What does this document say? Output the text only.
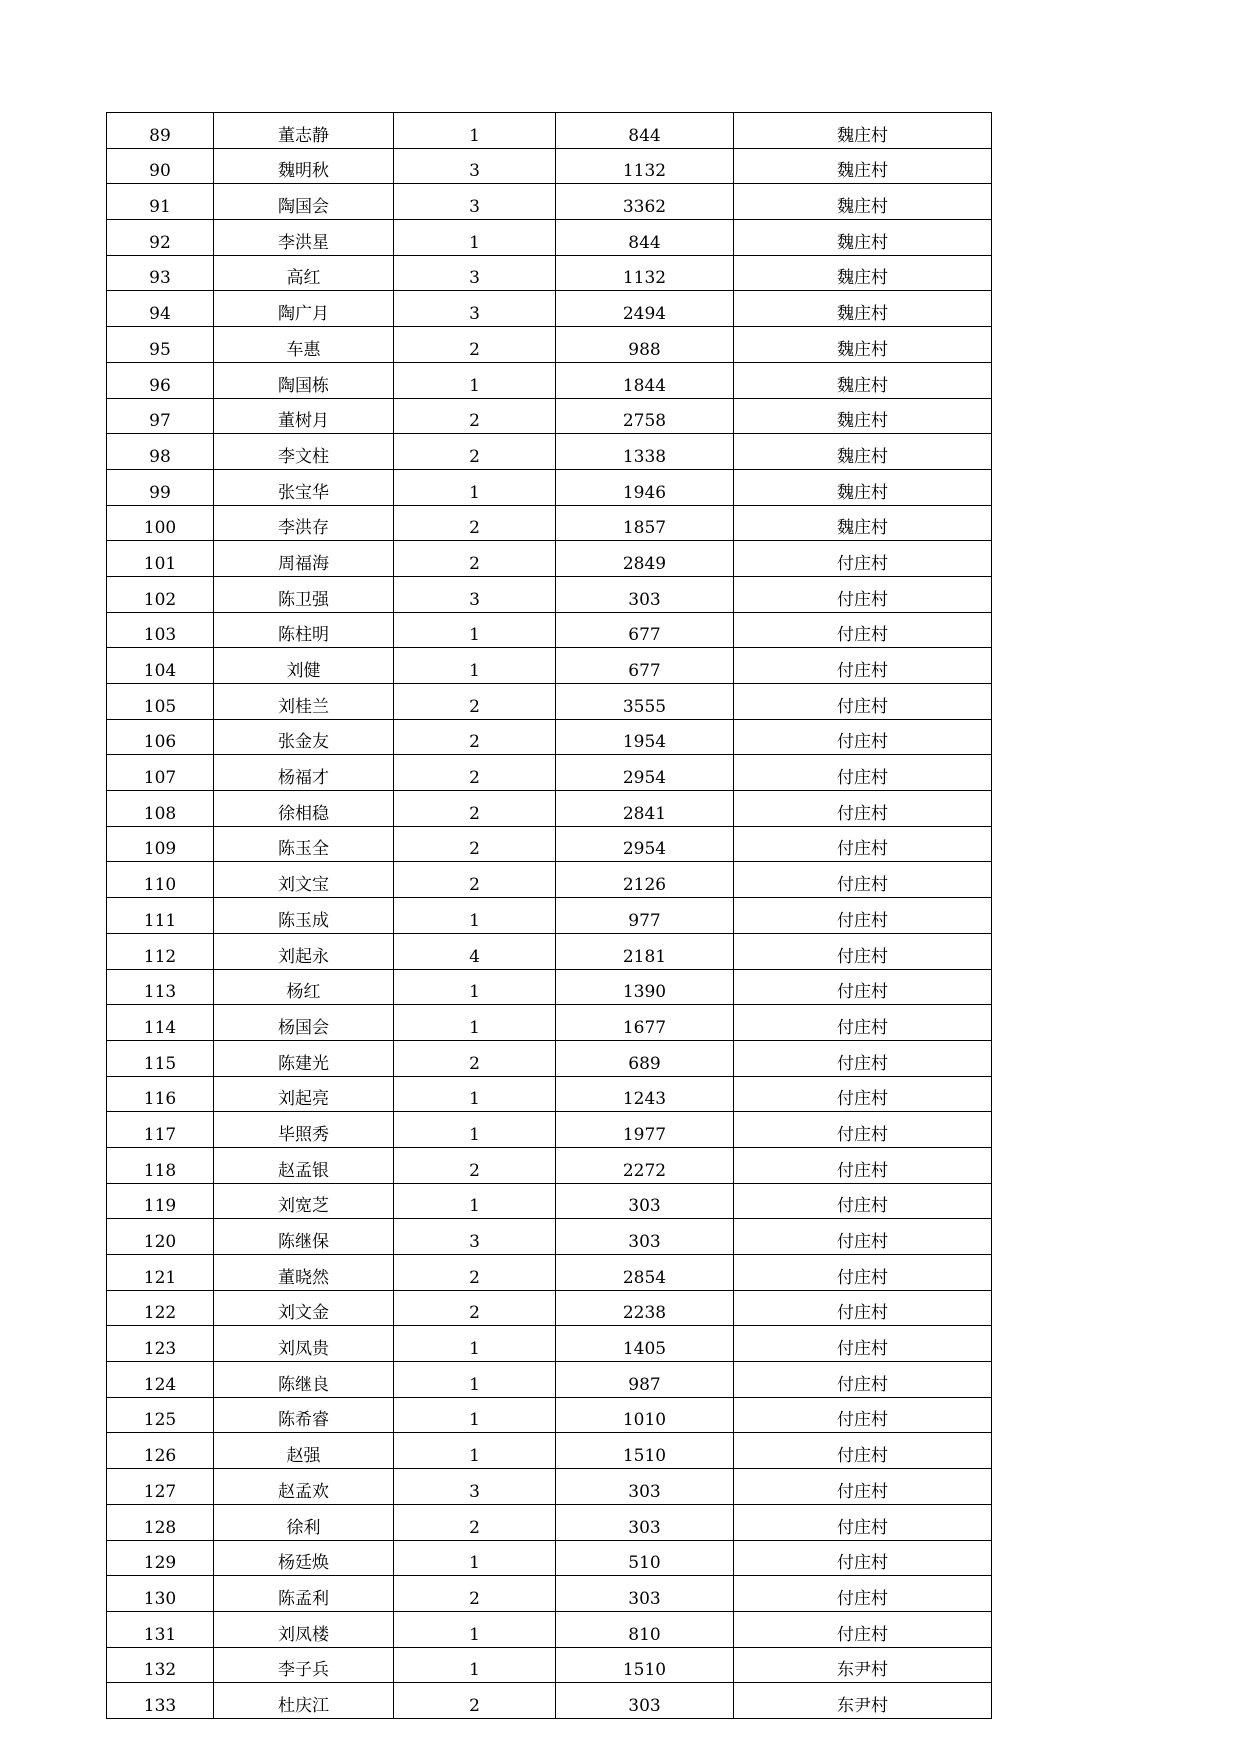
89	董志静	1	844	魏庄村
90	魏明秋	3	1132	魏庄村
91	陶国会	3	3362	魏庄村
92	李洪星	1	844	魏庄村
93	高红	3	1132	魏庄村
94	陶广月	3	2494	魏庄村
95	车惠	2	988	魏庄村
96	陶国栋	1	1844	魏庄村
97	董树月	2	2758	魏庄村
98	李文柱	2	1338	魏庄村
99	张宝华	1	1946	魏庄村
100	李洪存	2	1857	魏庄村
101	周福海	2	2849	付庄村
102	陈卫强	3	303	付庄村
103	陈柱明	1	677	付庄村
104	刘健	1	677	付庄村
105	刘桂兰	2	3555	付庄村
106	张金友	2	1954	付庄村
107	杨福才	2	2954	付庄村
108	徐相稳	2	2841	付庄村
109	陈玉全	2	2954	付庄村
110	刘文宝	2	2126	付庄村
111	陈玉成	1	977	付庄村
112	刘起永	4	2181	付庄村
113	杨红	1	1390	付庄村
114	杨国会	1	1677	付庄村
115	陈建光	2	689	付庄村
116	刘起亮	1	1243	付庄村
117	毕照秀	1	1977	付庄村
118	赵孟银	2	2272	付庄村
119	刘宽芝	1	303	付庄村
120	陈继保	3	303	付庄村
121	董晓然	2	2854	付庄村
122	刘文金	2	2238	付庄村
123	刘凤贵	1	1405	付庄村
124	陈继良	1	987	付庄村
125	陈希睿	1	1010	付庄村
126	赵强	1	1510	付庄村
127	赵孟欢	3	303	付庄村
128	徐利	2	303	付庄村
129	杨廷焕	1	510	付庄村
130	陈孟利	2	303	付庄村
131	刘凤楼	1	810	付庄村
132	李子兵	1	1510	东尹村
133	杜庆江	2	303	东尹村
